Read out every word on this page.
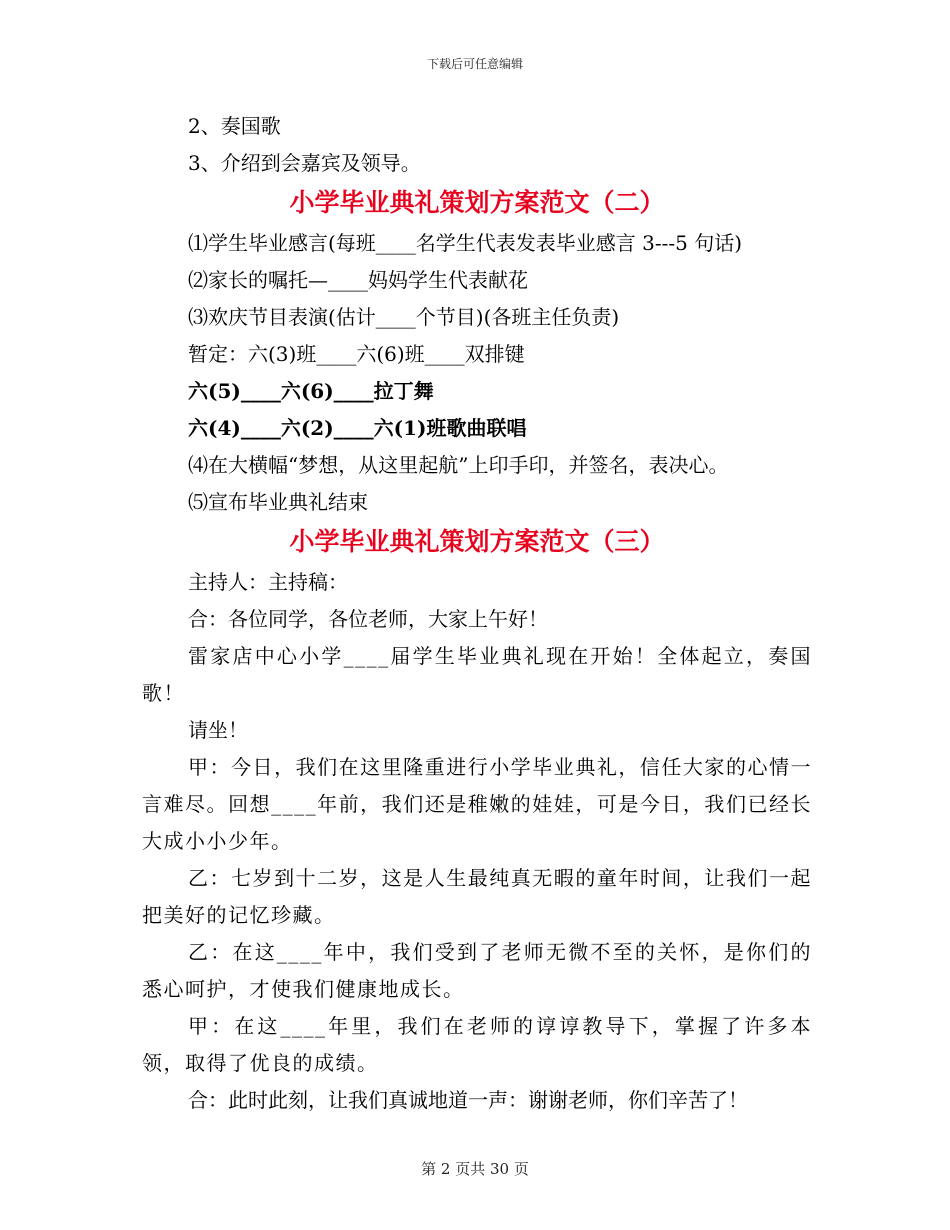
下载后可任意编辑
2、奏国歌
3、介绍到会嘉宾及领导。
小学毕业典礼策划方案范文（二）
⑴学生毕业感言(每班____名学生代表发表毕业感言 3---5 句话)
⑵家长的嘱托—____妈妈学生代表献花
⑶欢庆节目表演(估计____个节目)(各班主任负责)
暂定：六(3)班____六(6)班____双排键
六(5)____六(6)____拉丁舞
六(4)____六(2)____六(1)班歌曲联唱
⑷在大横幅“梦想，从这里起航”上印手印，并签名，表决心。
⑸宣布毕业典礼结束
小学毕业典礼策划方案范文（三）
主持人：主持稿：
合：各位同学，各位老师，大家上午好！
雷家店中心小学____届学生毕业典礼现在开始！全体起立，奏国歌！
请坐！
甲：今日，我们在这里隆重进行小学毕业典礼，信任大家的心情一言难尽。回想____年前，我们还是稚嫩的娃娃，可是今日，我们已经长大成小小少年。
乙：七岁到十二岁，这是人生最纯真无暇的童年时间，让我们一起把美好的记忆珍藏。
乙：在这____年中，我们受到了老师无微不至的关怀，是你们的悉心呵护，才使我们健康地成长。
甲：在这____年里，我们在老师的谆谆教导下，掌握了许多本领，取得了优良的成绩。
合：此时此刻，让我们真诚地道一声：谢谢老师，你们辛苦了！
第 2 页共 30 页
